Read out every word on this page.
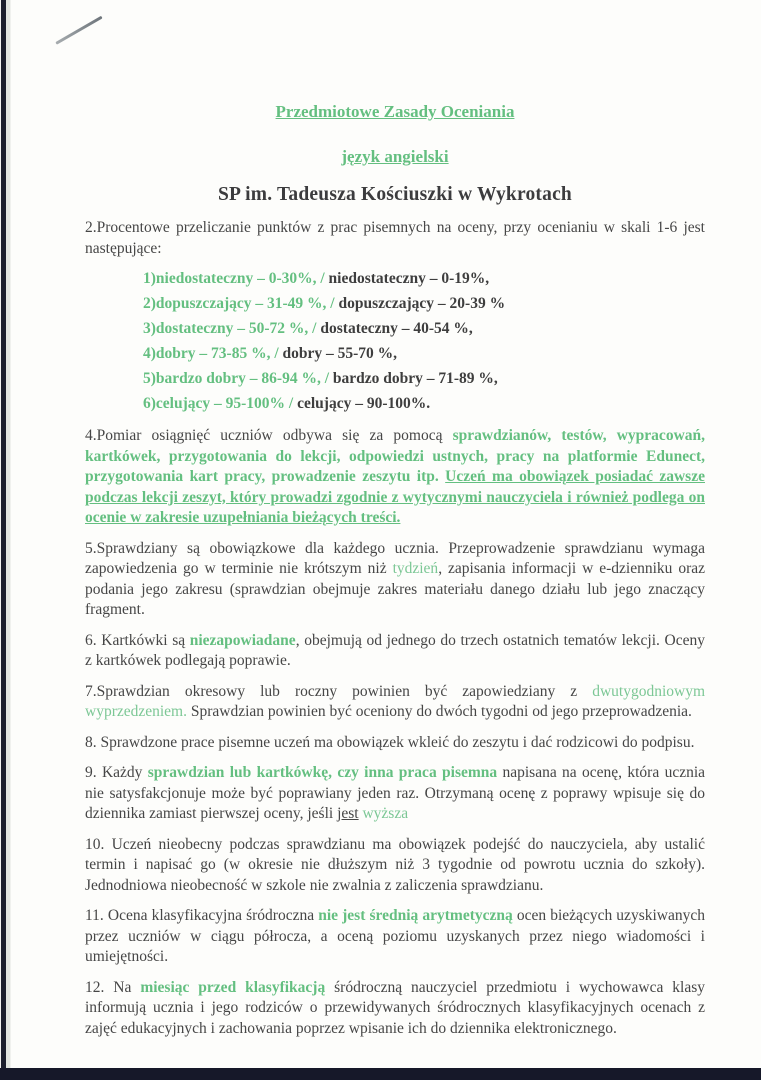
Przedmiotowe Zasady Oceniania
język angielski
SP im. Tadeusza Kościuszki w Wykrotach

2.Procentowe przeliczanie punktów z prac pisemnych na oceny, przy ocenianiu w skali 1-6 jest następujące:

1)niedostateczny – 0-30%, / niedostateczny – 0-19%,

2)dopuszczający – 31-49 %, / dopuszczający – 20-39 %

3)dostateczny – 50-72 %, / dostateczny – 40-54 %,

4)dobry – 73-85 %, / dobry – 55-70 %,

5)bardzo dobry – 86-94 %, / bardzo dobry – 71-89 %,

6)celujący – 95-100% / celujący – 90-100%.

4.Pomiar osiągnięć uczniów odbywa się za pomocą sprawdzianów, testów, wypracowań, kartkówek, przygotowania do lekcji, odpowiedzi ustnych, pracy na platformie Edunect, przygotowania kart pracy, prowadzenie zeszytu itp. Uczeń ma obowiązek posiadać zawsze podczas lekcji zeszyt, który prowadzi zgodnie z wytycznymi nauczyciela i również podlega on ocenie w zakresie uzupełniania bieżących treści.

5.Sprawdziany są obowiązkowe dla każdego ucznia. Przeprowadzenie sprawdzianu wymaga zapowiedzenia go w terminie nie krótszym niż tydzień, zapisania informacji w e-dzienniku oraz podania jego zakresu (sprawdzian obejmuje zakres materiału danego działu lub jego znaczący fragment.

6. Kartkówki są niezapowiadane, obejmują od jednego do trzech ostatnich tematów lekcji. Oceny z kartkówek podlegają poprawie.

7.Sprawdzian okresowy lub roczny powinien być zapowiedziany z dwutygodniowym wyprzedzeniem. Sprawdzian powinien być oceniony do dwóch tygodni od jego przeprowadzenia.

8. Sprawdzone prace pisemne uczeń ma obowiązek wkleić do zeszytu i dać rodzicowi do podpisu.

9. Każdy sprawdzian lub kartkówkę, czy inna praca pisemna napisana na ocenę, która ucznia nie satysfakcjonuje może być poprawiany jeden raz. Otrzymaną ocenę z poprawy wpisuje się do dziennika zamiast pierwszej oceny, jeśli jest wyższa

10. Uczeń nieobecny podczas sprawdzianu ma obowiązek podejść do nauczyciela, aby ustalić termin i napisać go (w okresie nie dłuższym niż 3 tygodnie od powrotu ucznia do szkoły). Jednodniowa nieobecność w szkole nie zwalnia z zaliczenia sprawdzianu.

11. Ocena klasyfikacyjna śródroczna nie jest średnią arytmetyczną ocen bieżących uzyskiwanych przez uczniów w ciągu półrocza, a oceną poziomu uzyskanych przez niego wiadomości i umiejętności.

12. Na miesiąc przed klasyfikacją śródroczną nauczyciel przedmiotu i wychowawca klasy informują ucznia i jego rodziców o przewidywanych śródrocznych klasyfikacyjnych ocenach z zajęć edukacyjnych i zachowania poprzez wpisanie ich do dziennika elektronicznego.
